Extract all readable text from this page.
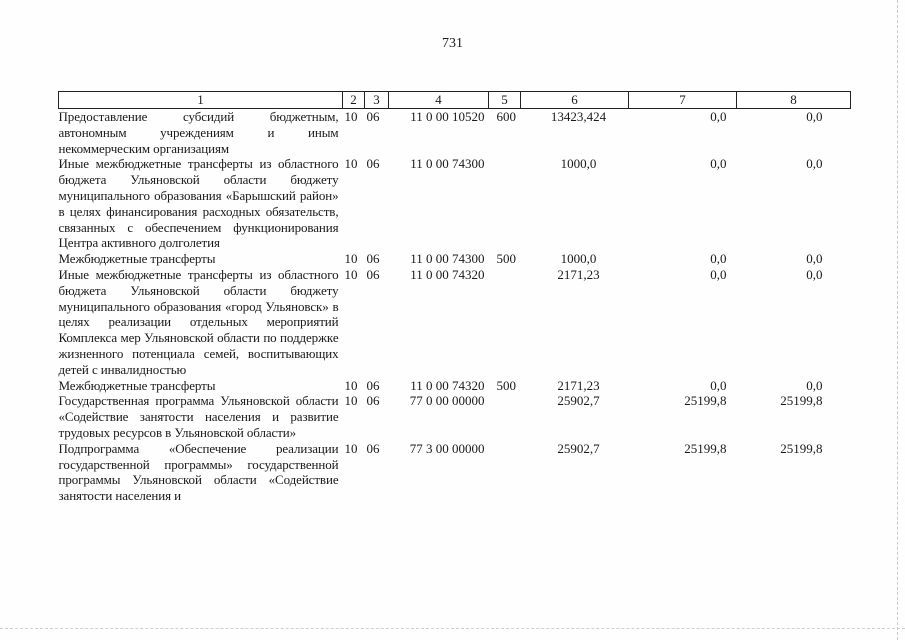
731
1	2	3	4	5	6	7	8
Предоставление субсидий бюджетным, автономным учреждениям и иным некоммерческим организациям	10	06	11 0 00 10520	600	13423,424	0,0	0,0
Иные межбюджетные трансферты из областного бюджета Ульяновской области бюджету муниципального образования «Барышский район» в целях финансирования расходных обязательств, связанных с обеспечением функционирования Центра активного долголетия	10	06	11 0 00 74300		1000,0	0,0	0,0
Межбюджетные трансферты	10	06	11 0 00 74300	500	1000,0	0,0	0,0
Иные межбюджетные трансферты из областного бюджета Ульяновской области бюджету муниципального образования «город Ульяновск» в целях реализации отдельных мероприятий Комплекса мер Ульяновской области по поддержке жизненного потенциала семей, воспитывающих детей с инвалидностью	10	06	11 0 00 74320		2171,23	0,0	0,0
Межбюджетные трансферты	10	06	11 0 00 74320	500	2171,23	0,0	0,0
Государственная программа Ульяновской области «Содействие занятости населения и развитие трудовых ресурсов в Ульяновской области»	10	06	77 0 00 00000		25902,7	25199,8	25199,8
Подпрограмма «Обеспечение реализации государственной программы» государственной программы Ульяновской области «Содействие занятости населения и	10	06	77 3 00 00000		25902,7	25199,8	25199,8
